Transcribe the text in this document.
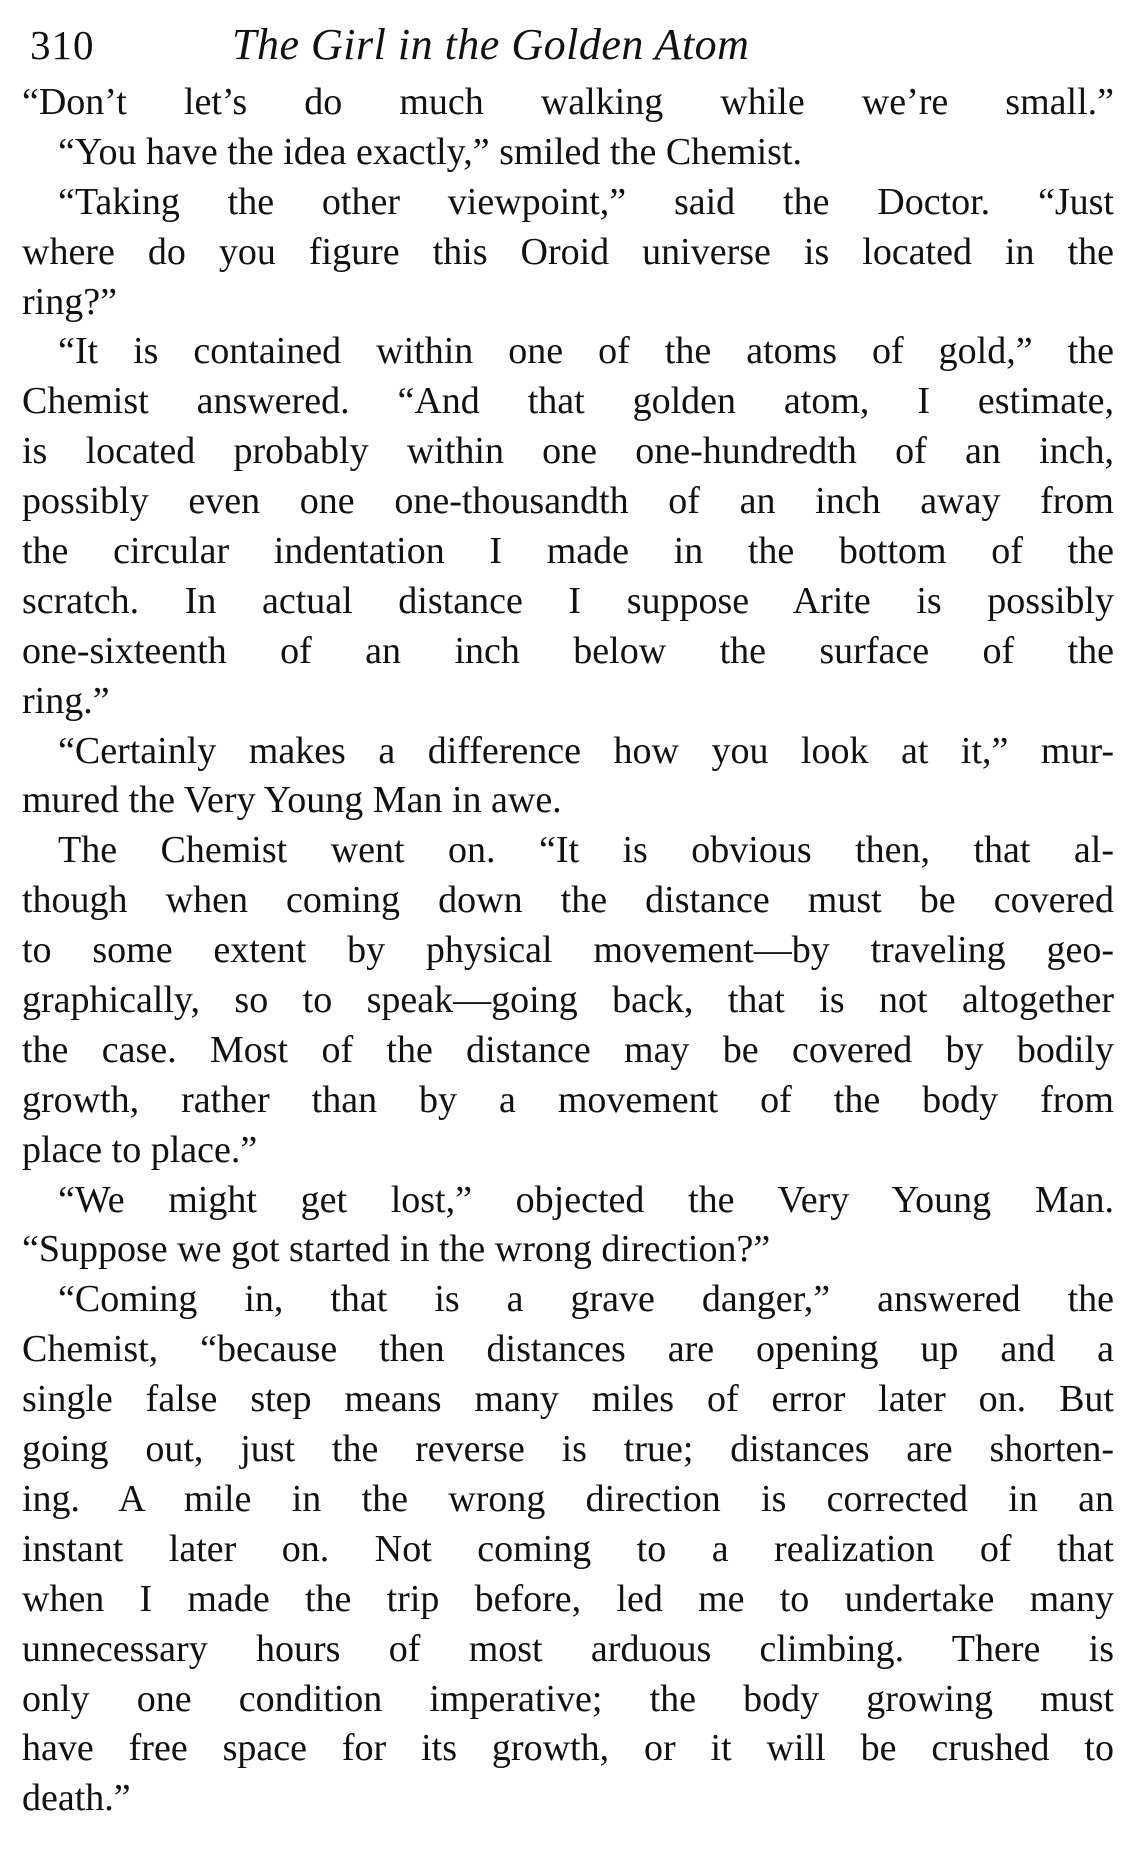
310	The Girl in the Golden Atom
“Don’t let’s do much walking while we’re small.”
“You have the idea exactly,” smiled the Chemist.
“Taking the other viewpoint,” said the Doctor. “Just
where do you figure this Oroid universe is located in the
ring?”
“It is contained within one of the atoms of gold,” the
Chemist answered. “And that golden atom, I estimate,
is located probably within one one-hundredth of an inch,
possibly even one one-thousandth of an inch away from
the circular indentation I made in the bottom of the
scratch. In actual distance I suppose Arite is possibly
one-sixteenth of an inch below the surface of the
ring.”
“Certainly makes a difference how you look at it,” mur-
mured the Very Young Man in awe.
The Chemist went on. “It is obvious then, that al-
though when coming down the distance must be covered
to some extent by physical movement—by traveling geo-
graphically, so to speak—going back, that is not altogether
the case. Most of the distance may be covered by bodily
growth, rather than by a movement of the body from
place to place.”
“We might get lost,” objected the Very Young Man.
“Suppose we got started in the wrong direction?”
“Coming in, that is a grave danger,” answered the
Chemist, “because then distances are opening up and a
single false step means many miles of error later on. But
going out, just the reverse is true; distances are shorten-
ing. A mile in the wrong direction is corrected in an
instant later on. Not coming to a realization of that
when I made the trip before, led me to undertake many
unnecessary hours of most arduous climbing. There is
only one condition imperative; the body growing must
have free space for its growth, or it will be crushed to
death.”
